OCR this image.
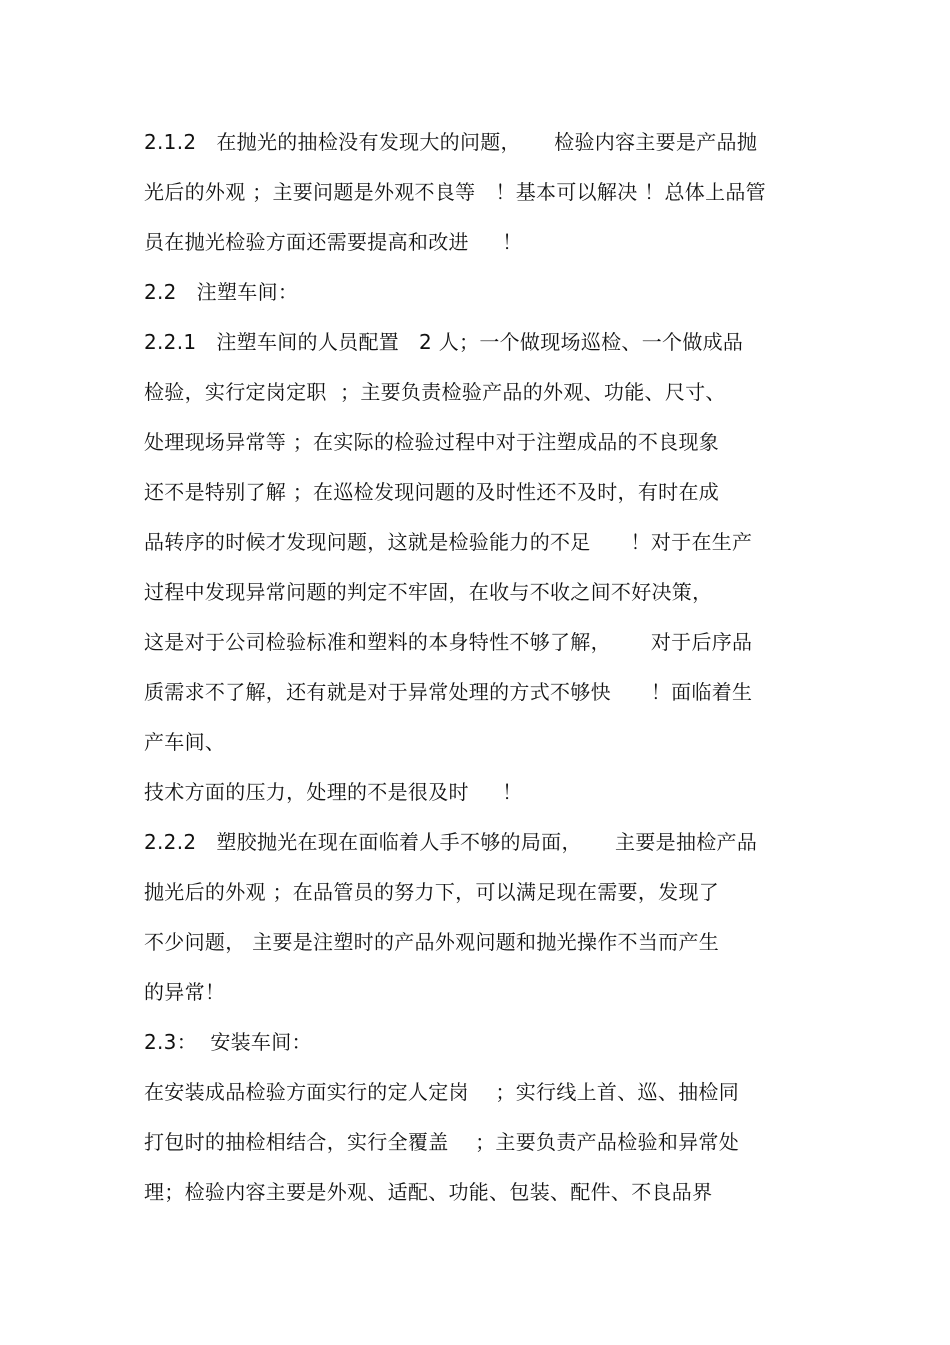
2.1.2   在抛光的抽检没有发现大的问题，     检验内容主要是产品抛
光后的外观 ；主要问题是外观不良等   ！基本可以解决 ！总体上品管
员在抛光检验方面还需要提高和改进     ！
2.2   注塑车间：
2.2.1   注塑车间的人员配置   2 人；一个做现场巡检、一个做成品
检验，实行定岗定职  ；主要负责检验产品的外观、功能、尺寸、
处理现场异常等 ；在实际的检验过程中对于注塑成品的不良现象
还不是特别了解 ；在巡检发现问题的及时性还不及时，有时在成
品转序的时候才发现问题，这就是检验能力的不足      ！对于在生产
过程中发现异常问题的判定不牢固，在收与不收之间不好决策，
这是对于公司检验标准和塑料的本身特性不够了解，      对于后序品
质需求不了解，还有就是对于异常处理的方式不够快      ！面临着生
产车间、
技术方面的压力，处理的不是很及时     ！
2.2.2   塑胶抛光在现在面临着人手不够的局面，     主要是抽检产品
抛光后的外观 ；在品管员的努力下，可以满足现在需要，发现了
不少问题， 主要是注塑时的产品外观问题和抛光操作不当而产生
的异常！
2.3：  安装车间：
在安装成品检验方面实行的定人定岗    ；实行线上首、巡、抽检同
打包时的抽检相结合，实行全覆盖    ；主要负责产品检验和异常处
理；检验内容主要是外观、适配、功能、包装、配件、不良品界
